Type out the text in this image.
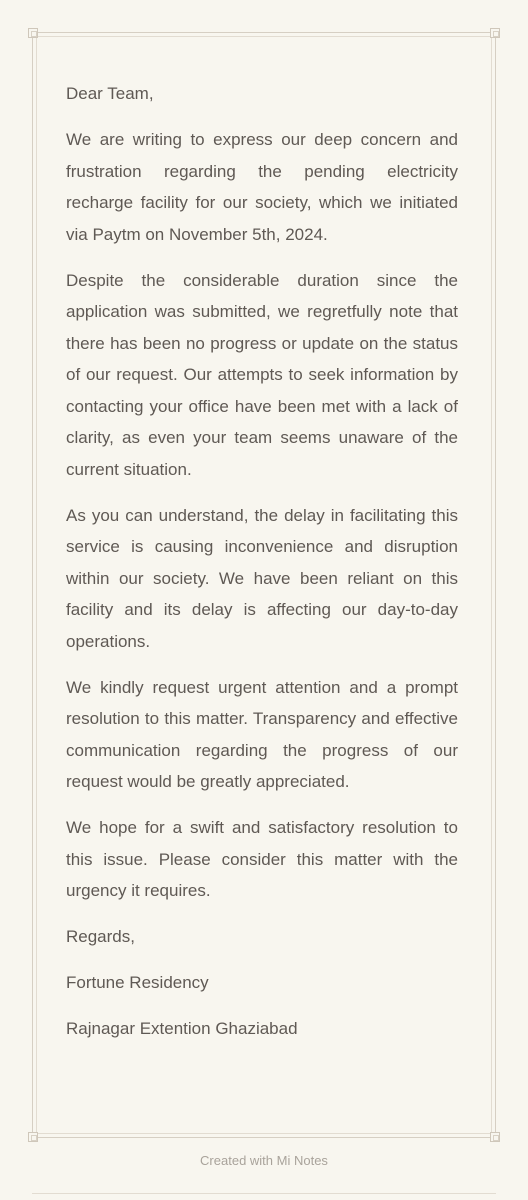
Dear Team,

We are writing to express our deep concern and frustration regarding the pending electricity recharge facility for our society, which we initiated via Paytm on November 5th, 2024.

Despite the considerable duration since the application was submitted, we regretfully note that there has been no progress or update on the status of our request. Our attempts to seek information by contacting your office have been met with a lack of clarity, as even your team seems unaware of the current situation.

As you can understand, the delay in facilitating this service is causing inconvenience and disruption within our society. We have been reliant on this facility and its delay is affecting our day-to-day operations.

We kindly request urgent attention and a prompt resolution to this matter. Transparency and effective communication regarding the progress of our request would be greatly appreciated.

We hope for a swift and satisfactory resolution to this issue. Please consider this matter with the urgency it requires.

Regards,

Fortune Residency

Rajnagar Extention Ghaziabad

Created with Mi Notes
